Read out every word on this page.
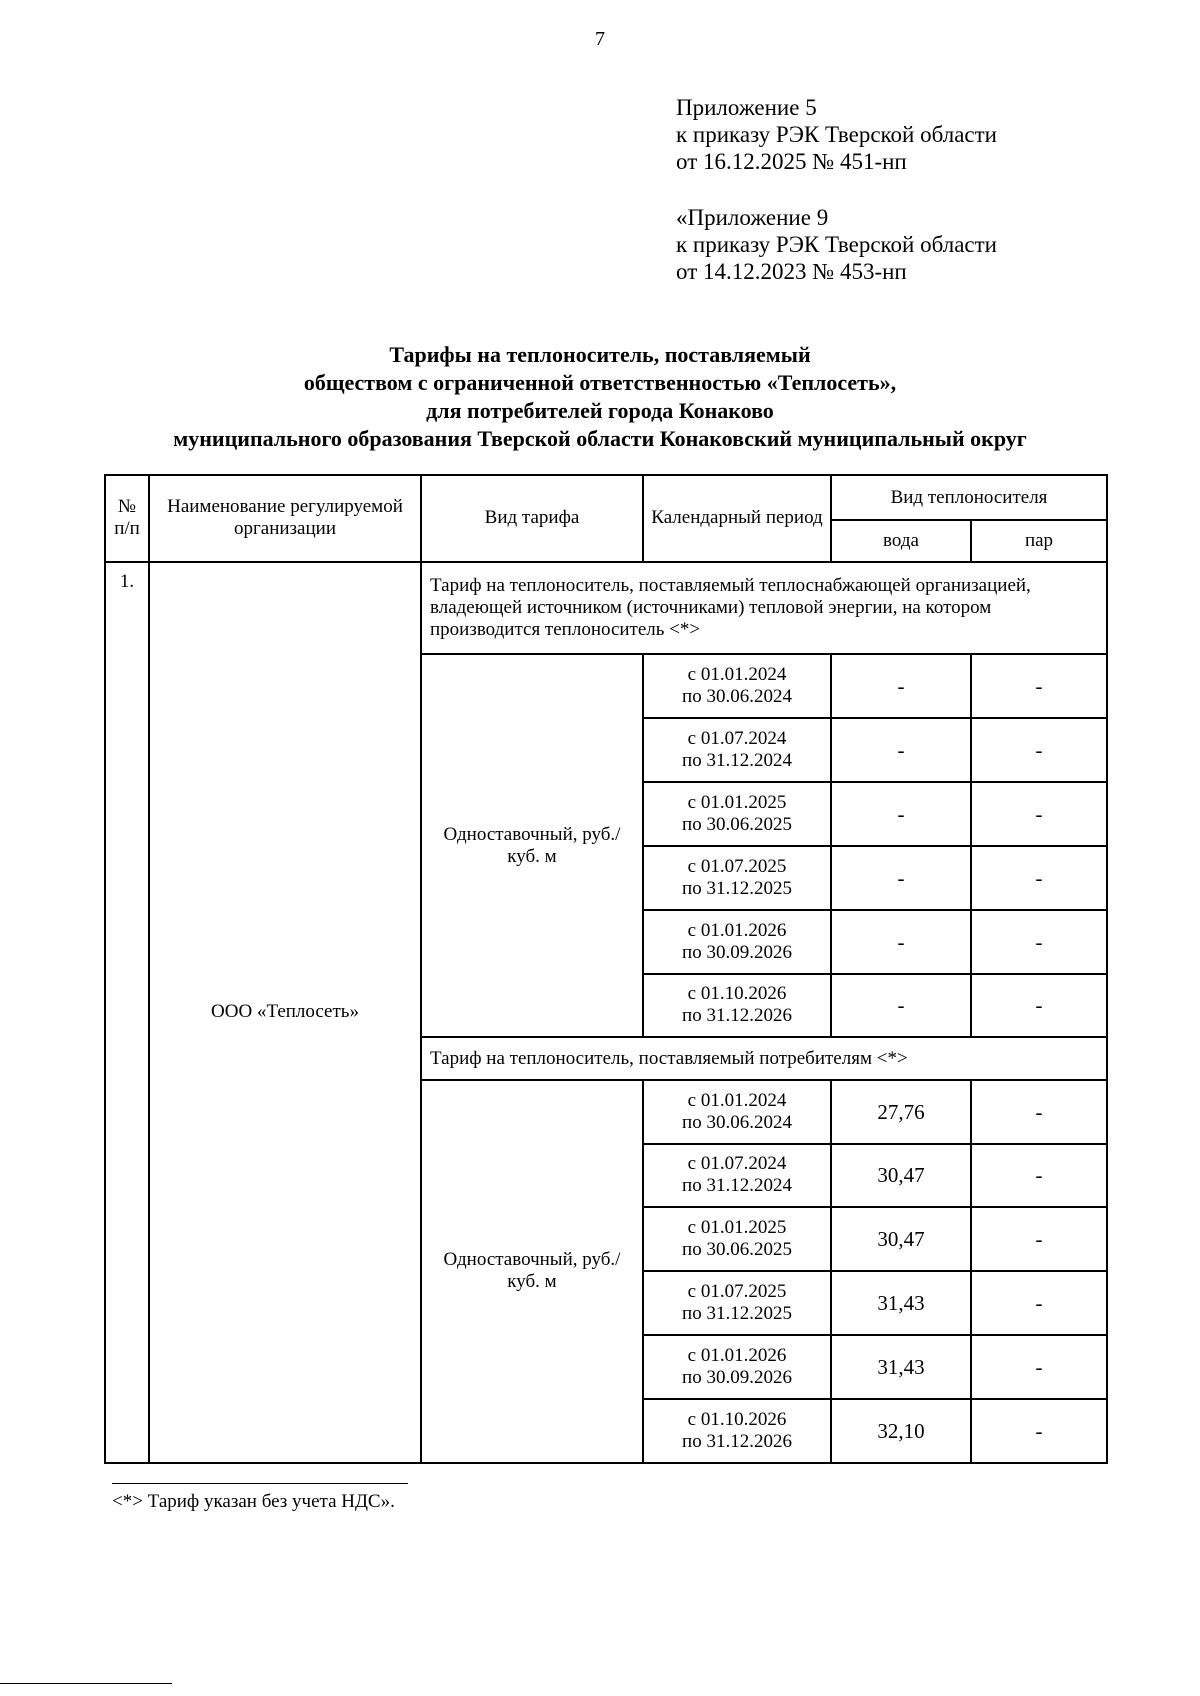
7
Приложение 5
к приказу РЭК Тверской области
от 16.12.2025 № 451-нп
«Приложение 9
к приказу РЭК Тверской области
от 14.12.2023 № 453-нп
Тарифы на теплоноситель, поставляемый
обществом с ограниченной ответственностью «Теплосеть»,
для потребителей города Конаково
муниципального образования Тверской области Конаковский муниципальный округ
№ п/п	Наименование регулируемой организации	Вид тарифа	Календарный период	Вид теплоносителя	
				вода	пар
1.	ООО «Теплосеть»	Тариф на теплоноситель, поставляемый теплоснабжающей организацией, владеющей источником (источниками) тепловой энергии, на котором производится теплоноситель <*>			
		Одноставочный, руб./куб. м	с 01.01.2024
по 30.06.2024	-	-

			с 01.07.2024
по 31.12.2024	-	-

			с 01.01.2025
по 30.06.2025	-	-

			с 01.07.2025
по 31.12.2025	-	-

			с 01.01.2026
по 30.09.2026	-	-

			с 01.10.2026
по 31.12.2026	-	-
		Тариф на теплоноситель, поставляемый потребителям <*>			
		Одноставочный, руб./куб. м	с 01.01.2024
по 30.06.2024	27,76	-

			с 01.07.2024
по 31.12.2024	30,47	-

			с 01.01.2025
по 30.06.2025	30,47	-

			с 01.07.2025
по 31.12.2025	31,43	-

			с 01.01.2026
по 30.09.2026	31,43	-

			с 01.10.2026
по 31.12.2026	32,10	-
<*> Тариф указан без учета НДС».
